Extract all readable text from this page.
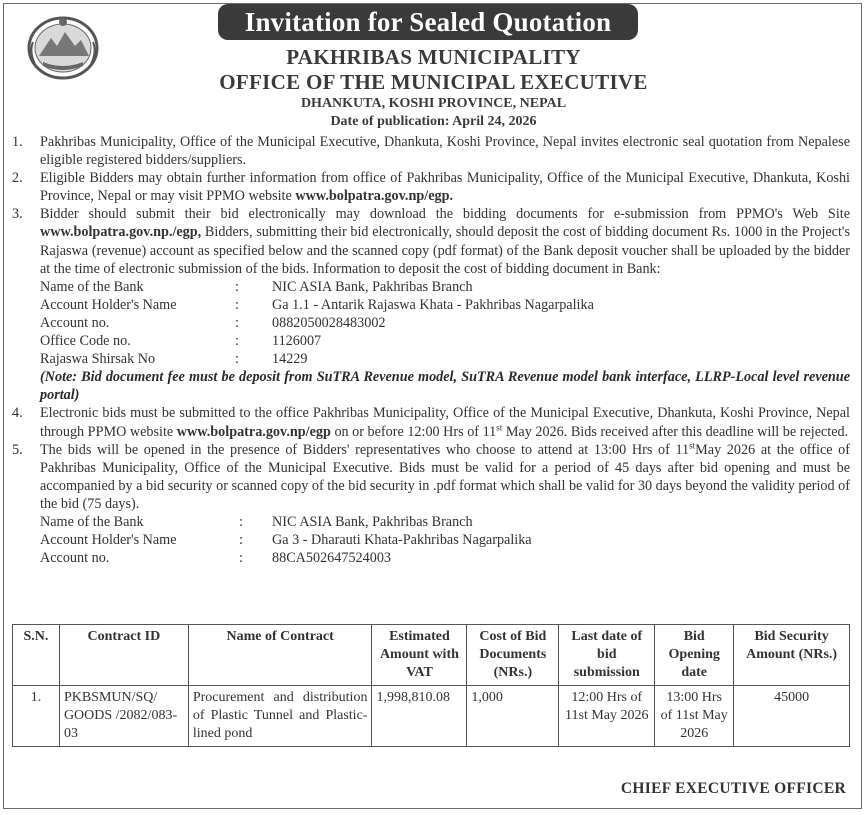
Invitation for Sealed Quotation

PAKHRIBAS MUNICIPALITY

OFFICE OF THE MUNICIPAL EXECUTIVE

DHANKUTA, KOSHI PROVINCE, NEPAL

Date of publication: April 24, 2026

1.	Pakhribas Municipality, Office of the Municipal Executive, Dhankuta, Koshi Province, Nepal invites electronic seal quotation from Nepalese eligible registered bidders/suppliers.
2.	Eligible Bidders may obtain further information from office of Pakhribas Municipality, Office of the Municipal Executive, Dhankuta, Koshi Province, Nepal or may visit PPMO website www.bolpatra.gov.np/egp.
3.	Bidder should submit their bid electronically may download the bidding documents for e-submission from PPMO's Web Site www.bolpatra.gov.np./egp, Bidders, submitting their bid electronically, should deposit the cost of bidding document Rs. 1000 in the Project's Rajaswa (revenue) account as specified below and the scanned copy (pdf format) of the Bank deposit voucher shall be uploaded by the bidder at the time of electronic submission of the bids. Information to deposit the cost of bidding document in Bank:
Name of the Bank	:	NIC ASIA Bank, Pakhribas Branch
Account Holder's Name	:	Ga 1.1 - Antarik Rajaswa Khata - Pakhribas Nagarpalika
Account no.	:	0882050028483002
Office Code no.	:	1126007
Rajaswa Shirsak No	:	14229
(Note: Bid document fee must be deposit from SuTRA Revenue model, SuTRA Revenue model bank interface, LLRP-Local level revenue portal)
4.	Electronic bids must be submitted to the office Pakhribas Municipality, Office of the Municipal Executive, Dhankuta, Koshi Province, Nepal through PPMO website www.bolpatra.gov.np/egp on or before 12:00 Hrs of 11st May 2026. Bids received after this deadline will be rejected.
5.	The bids will be opened in the presence of Bidders' representatives who choose to attend at 13:00 Hrs of 11stMay 2026 at the office of Pakhribas Municipality, Office of the Municipal Executive. Bids must be valid for a period of 45 days after bid opening and must be accompanied by a bid security or scanned copy of the bid security in .pdf format which shall be valid for 30 days beyond the validity period of the bid (75 days).
Name of the Bank	:	NIC ASIA Bank, Pakhribas Branch
Account Holder's Name	:	Ga 3 - Dharauti Khata-Pakhribas Nagarpalika
Account no.	:	88CA502647524003
S.N.	Contract ID	Name of Contract	Estimated Amount with VAT	Cost of Bid Documents (NRs.)	Last date of bid submission	Bid Opening date	Bid Security Amount (NRs.)
1.	PKBSMUN/SQ/ GOODS /2082/083-03	Procurement and distribution of Plastic Tunnel and Plastic-lined pond	1,998,810.08	1,000	12:00 Hrs of 11st May 2026	13:00 Hrs of 11st May 2026	45000
CHIEF EXECUTIVE OFFICER
